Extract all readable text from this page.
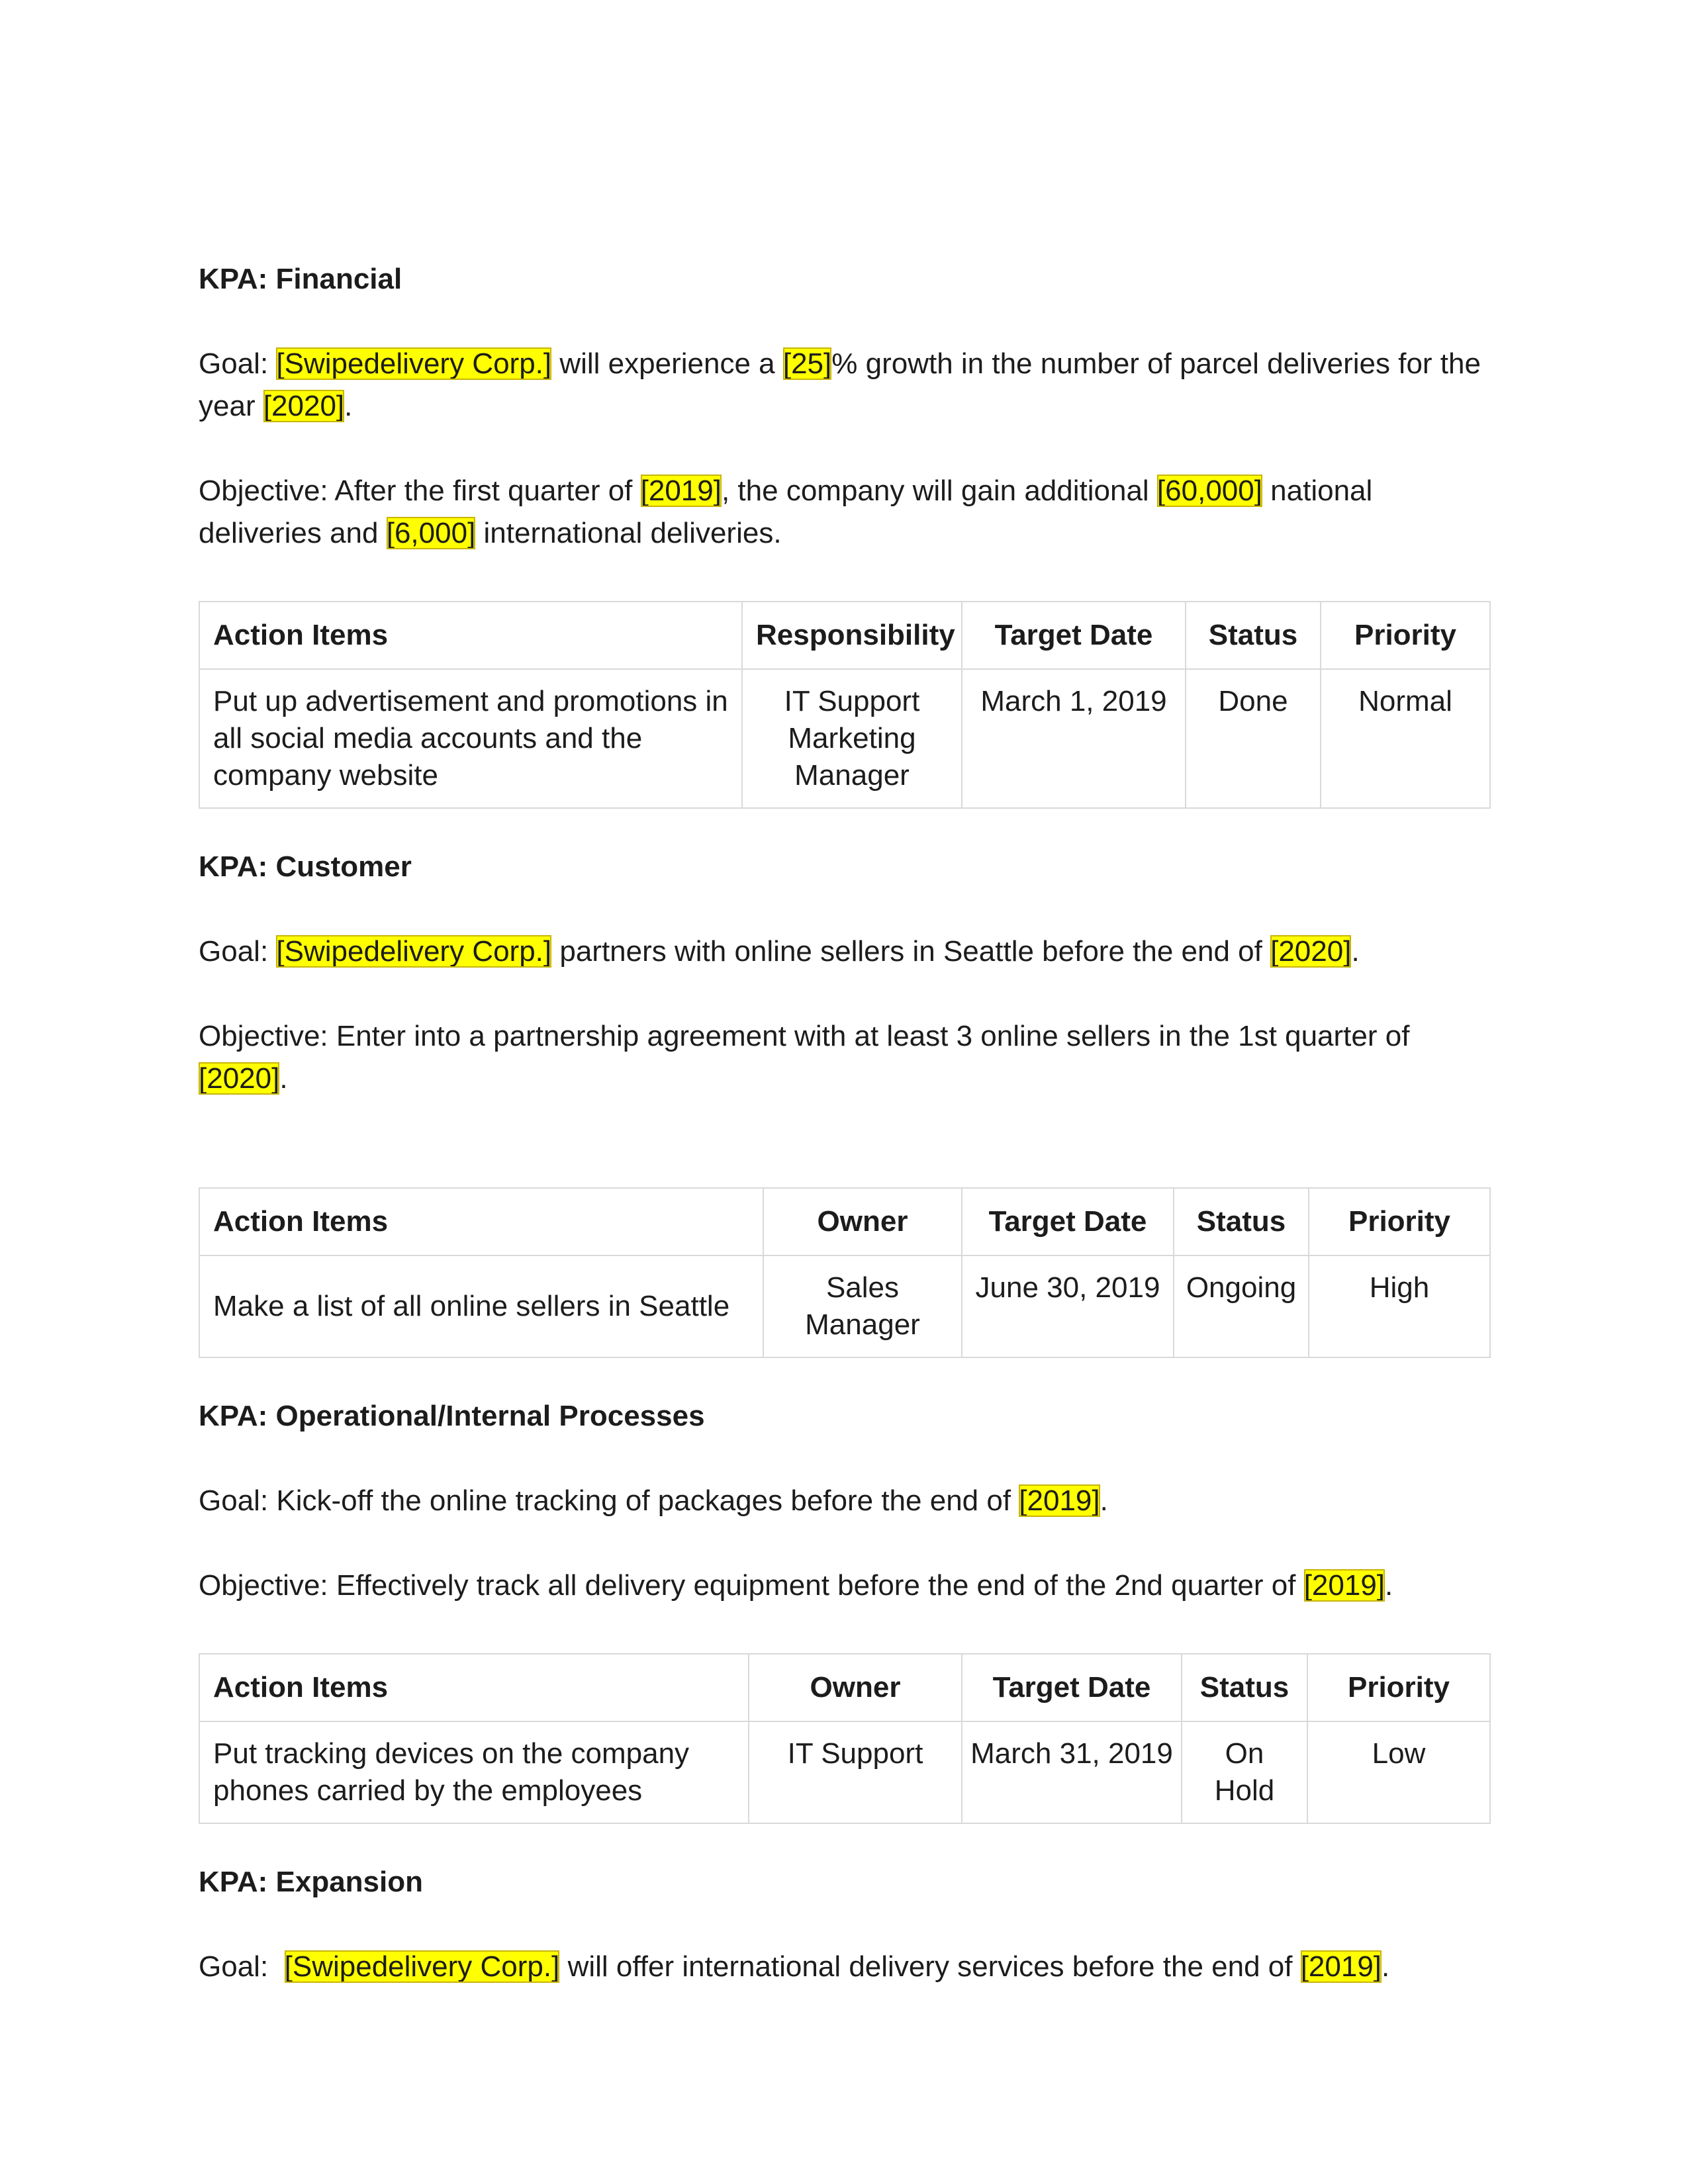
KPA: Financial

Goal: [Swipedelivery Corp.] will experience a [25]% growth in the number of parcel deliveries for the year [2020].

Objective: After the first quarter of [2019], the company will gain additional [60,000] national deliveries and [6,000] international deliveries.

Action Items	Responsibility	Target Date	Status	Priority
Put up advertisement and promotions in all social media accounts and the company website	IT Support Marketing Manager	March 1, 2019	Done	Normal

KPA: Customer

Goal: [Swipedelivery Corp.] partners with online sellers in Seattle before the end of [2020].

Objective: Enter into a partnership agreement with at least 3 online sellers in the 1st quarter of [2020].

Action Items	Owner	Target Date	Status	Priority
Make a list of all online sellers in Seattle	Sales Manager	June 30, 2019	Ongoing	High

KPA: Operational/Internal Processes

Goal: Kick-off the online tracking of packages before the end of [2019].

Objective: Effectively track all delivery equipment before the end of the 2nd quarter of [2019].

Action Items	Owner	Target Date	Status	Priority
Put tracking devices on the company phones carried by the employees	IT Support	March 31, 2019	On Hold	Low

KPA: Expansion

Goal:  [Swipedelivery Corp.] will offer international delivery services before the end of [2019].
